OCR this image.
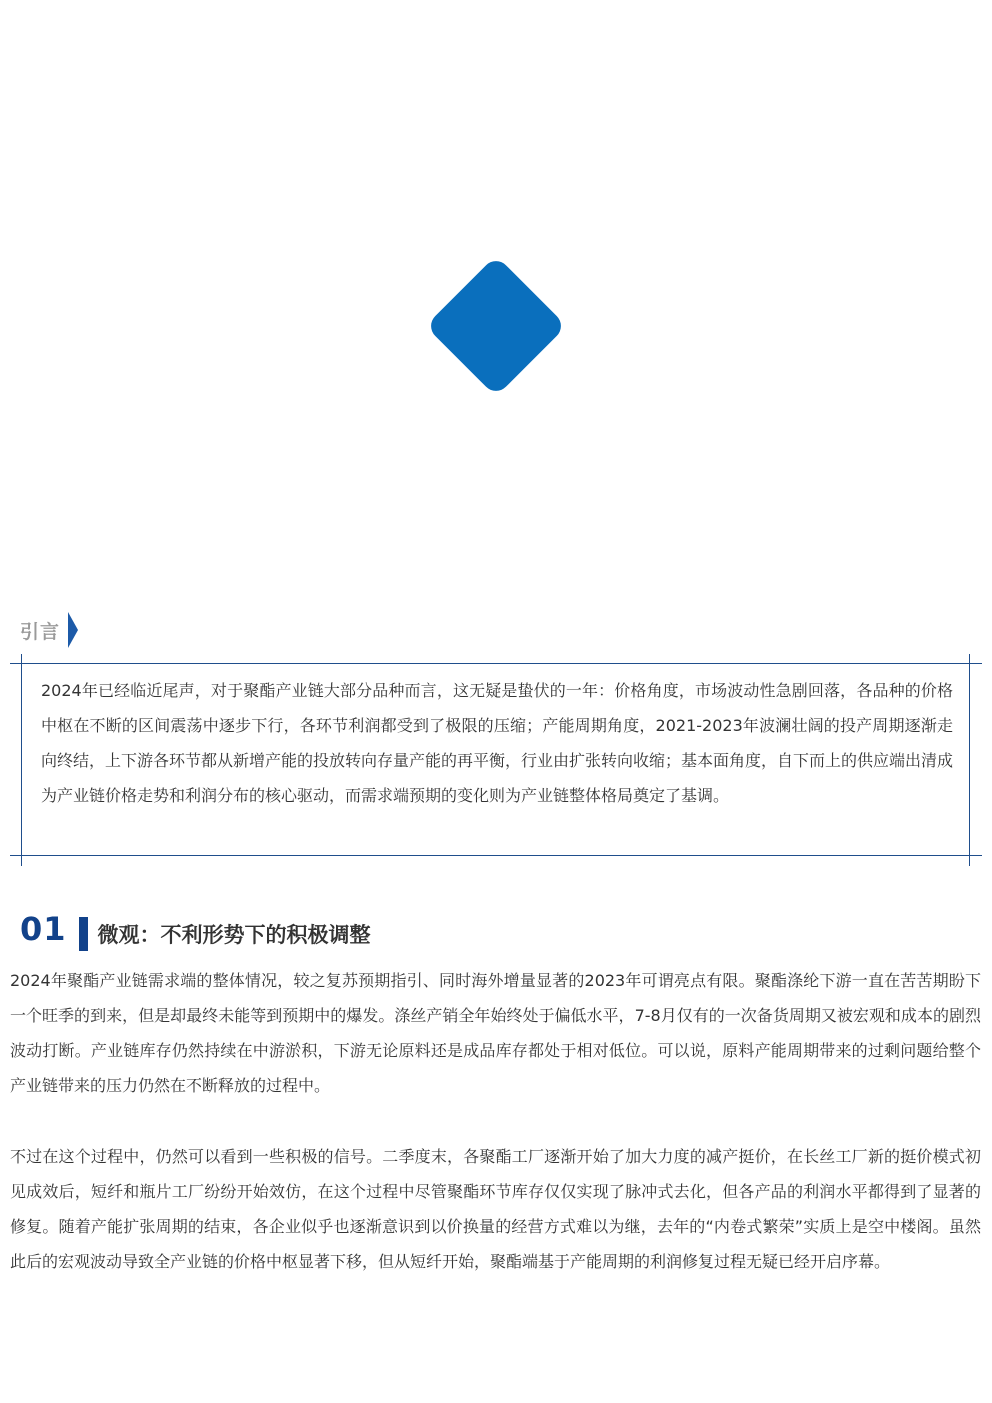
引言

2024年已经临近尾声，对于聚酯产业链大部分品种而言，这无疑是蛰伏的一年：价格角度，市场波动性急剧回落，各品种的价格中枢在不断的区间震荡中逐步下行，各环节利润都受到了极限的压缩；产能周期角度，2021-2023年波澜壮阔的投产周期逐渐走向终结，上下游各环节都从新增产能的投放转向存量产能的再平衡，行业由扩张转向收缩；基本面角度，自下而上的供应端出清成为产业链价格走势和利润分布的核心驱动，而需求端预期的变化则为产业链整体格局奠定了基调。

01 微观：不利形势下的积极调整

2024年聚酯产业链需求端的整体情况，较之复苏预期指引、同时海外增量显著的2023年可谓亮点有限。聚酯涤纶下游一直在苦苦期盼下一个旺季的到来，但是却最终未能等到预期中的爆发。涤丝产销全年始终处于偏低水平，7-8月仅有的一次备货周期又被宏观和成本的剧烈波动打断。产业链库存仍然持续在中游淤积，下游无论原料还是成品库存都处于相对低位。可以说，原料产能周期带来的过剩问题给整个产业链带来的压力仍然在不断释放的过程中。

不过在这个过程中，仍然可以看到一些积极的信号。二季度末，各聚酯工厂逐渐开始了加大力度的减产挺价，在长丝工厂新的挺价模式初见成效后，短纤和瓶片工厂纷纷开始效仿，在这个过程中尽管聚酯环节库存仅仅实现了脉冲式去化，但各产品的利润水平都得到了显著的修复。随着产能扩张周期的结束，各企业似乎也逐渐意识到以价换量的经营方式难以为继，去年的“内卷式繁荣”实质上是空中楼阁。虽然此后的宏观波动导致全产业链的价格中枢显著下移，但从短纤开始，聚酯端基于产能周期的利润修复过程无疑已经开启序幕。
